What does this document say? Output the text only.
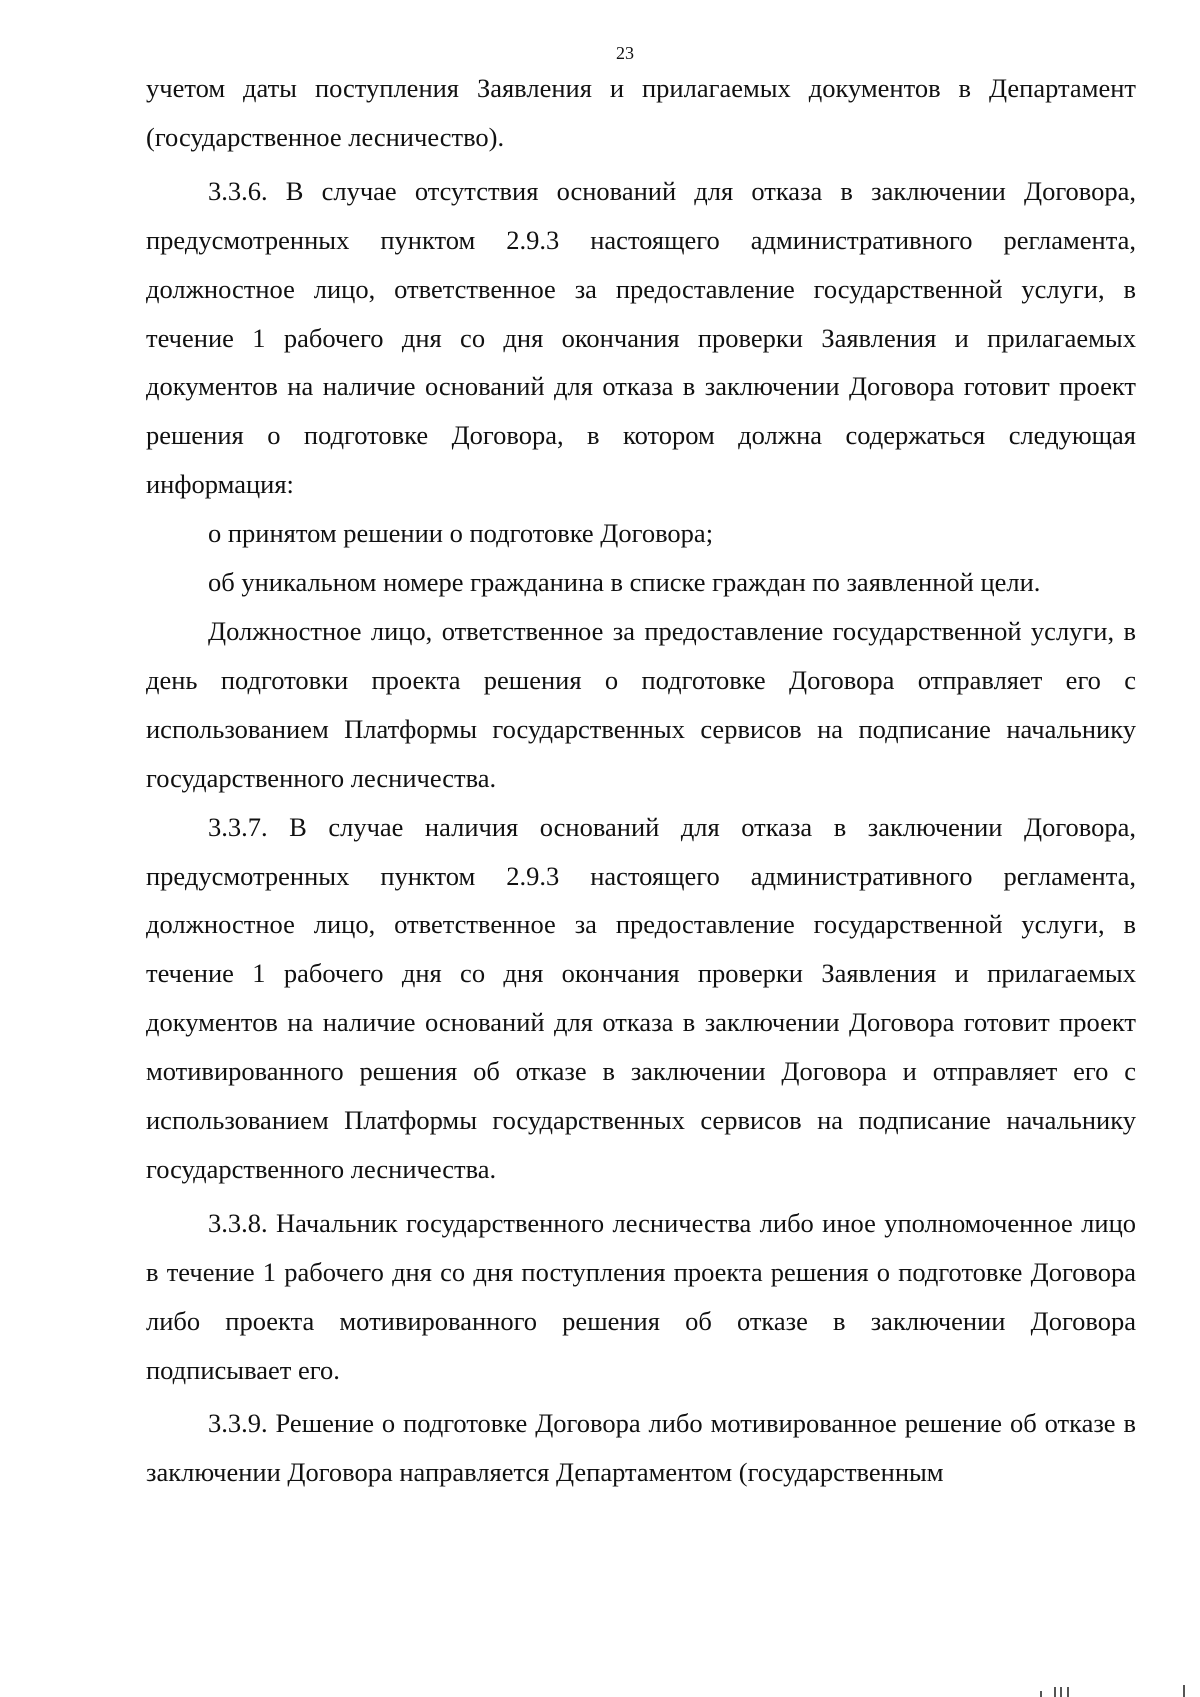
23

учетом даты поступления Заявления и прилагаемых документов в Департамент (государственное лесничество).

3.3.6. В случае отсутствия оснований для отказа в заключении Договора, предусмотренных пунктом 2.9.3 настоящего административного регламента, должностное лицо, ответственное за предоставление государственной услуги, в течение 1 рабочего дня со дня окончания проверки Заявления и прилагаемых документов на наличие оснований для отказа в заключении Договора готовит проект решения о подготовке Договора, в котором должна содержаться следующая информация:

о принятом решении о подготовке Договора;

об уникальном номере гражданина в списке граждан по заявленной цели.

Должностное лицо, ответственное за предоставление государственной услуги, в день подготовки проекта решения о подготовке Договора отправляет его с использованием Платформы государственных сервисов на подписание начальнику государственного лесничества.

3.3.7. В случае наличия оснований для отказа в заключении Договора, предусмотренных пунктом 2.9.3 настоящего административного регламента, должностное лицо, ответственное за предоставление государственной услуги, в течение 1 рабочего дня со дня окончания проверки Заявления и прилагаемых документов на наличие оснований для отказа в заключении Договора готовит проект мотивированного решения об отказе в заключении Договора и отправляет его с использованием Платформы государственных сервисов на подписание начальнику государственного лесничества.

3.3.8. Начальник государственного лесничества либо иное уполномоченное лицо в течение 1 рабочего дня со дня поступления проекта решения о подготовке Договора либо проекта мотивированного решения об отказе в заключении Договора подписывает его.

3.3.9. Решение о подготовке Договора либо мотивированное решение об отказе в заключении Договора направляется Департаментом (государственным
